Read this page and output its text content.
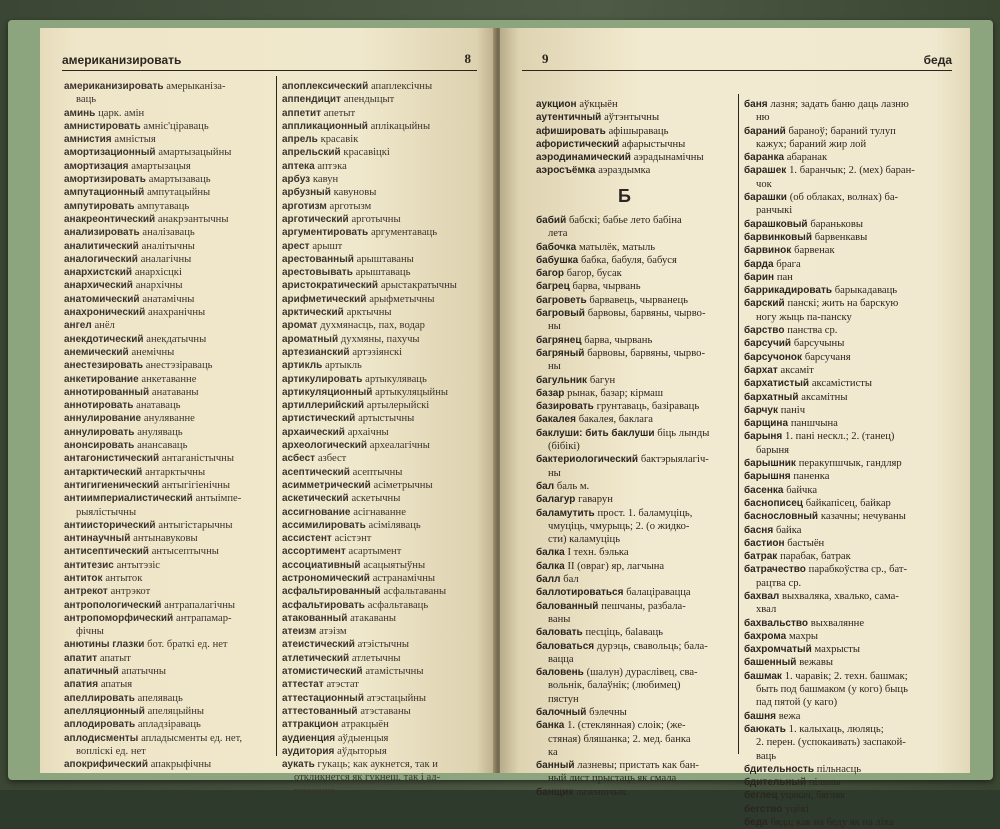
американизировать	8
американизировать амерыканіза-
ваць
аминь царк. амін
амнистировать амніс'ціраваць
амнистия амністыя
амортизационный амартызацыйны
амортизация амартызацыя
амортизировать амартызаваць
ампутационный ампутацыйны
ампутировать ампутаваць
анакреонтический анакрэантычны
анализировать аналізаваць
аналитический аналітычны
аналогический аналагічны
анархистский анархісцкі
анархический анархічны
анатомический анатамічны
анахронический анахранічны
ангел анёл
анекдотический анекдатычны
анемический анемічны
анестезировать анестэзіраваць
анкетирование анкетаванне
аннотированный анатаваны
аннотировать анатаваць
аннулирование ануляванне
аннулировать ануляваць
анонсировать анансаваць
антагонистический антаганістычны
антарктический антарктычны
антигигиенический антыгігіенічны
антиимпериалистический антыімпе-
рыялістычны
антиисторический антыгістарычны
антинаучный антынавуковы
антисептический антысептычны
антитезис антытэзіс
антиток антыток
антрекот антрэкот
антропологический антрапалагічны
антропоморфический антрапамар-
фічны
анютины глазки бот. браткі ед. нет
апатит апатыт
апатичный апатычны
апатия апатыя
апеллировать апеляваць
апелляционный апеляцыйны
аплодировать апладзіраваць
аплодисменты апладысменты ед. нет,
вопліскі ед. нет
апокрифический апакрыфічны
апоплексический апаплексічны
аппендицит апендыцыт
аппетит апетыт
аппликационный аплікацыйны
апрель красавік
апрельский красавіцкі
аптека аптэка
арбуз кавун
арбузный кавуновы
арготизм арготызм
арготический арготычны
аргументировать аргументаваць
арест арышт
арестованный арыштаваны
арестовывать арыштаваць
аристократический арыстакратычны
арифметический арыфметычны
арктический арктычны
аромат духмянасць, пах, водар
ароматный духмяны, пахучы
артезианский артэзіянскі
артикль артыкль
артикулировать артыкуляваць
артикуляционный артыкуляцыйны
артиллерийский артылерыйскі
артистический артыстычны
архаический архаічны
археологический археалагічны
асбест азбест
асептический асептычны
асимметрический асіметрычны
аскетический аскетычны
ассигнование асігнаванне
ассимилировать асіміляваць
ассистент асістэнт
ассортимент асартымент
ассоциативный асацыятыўны
астрономический астранамічны
асфальтированный асфальтаваны
асфальтировать асфальтаваць
атакованный атакаваны
атеизм атэізм
атеистический атэістычны
атлетический атлетычны
атомистический атамістычны
аттестат атэстат
аттестационный атэстацыйны
аттестованный атэставаны
аттракцион атракцыён
аудиенция аўдыенцыя
аудитория аўдыторыя
аукать гукаць; как аукнется, так и
откликнется як гукнеш, так і ад-
гукнецца
9	беда
аукцион аўкцыён
аутентичный аўтэнтычны
афишировать афішыраваць
афористический афарыстычны
аэродинамический аэрадынамічны
аэросъёмка аэраздымка
Б
бабий бабскі; бабье лето бабіна
лета
бабочка матылёк, матыль
бабушка бабка, бабуля, бабуся
багор багор, бусак
багрец барва, чырвань
багроветь барвавець, чырванець
багровый барвовы, барвяны, чырво-
ны
багрянец барва, чырвань
багряный барвовы, барвяны, чырво-
ны
багульник багун
базар рынак, базар; кірмаш
базировать грунтаваць, базіраваць
бакалея бакалея, баклага
баклуши: бить баклуши біць лынды
(бібікі)
бактериологический бактэрыялагіч-
ны
бал баль м.
балагур гаварун
баламутить прост. 1. баламуціць,
чмуціць, чмурыць; 2. (о жидко-
сти) каламуціць
балка I техн. бэлька
балка II (овраг) яр, лагчына
балл бал
баллотироваться балаціравацца
балованный пешчаны, разбала-
ваны
баловать песціць, бalaваць
баловаться дурэць, свавольць; бала-
вацца
баловень (шалун) дураслівец, сва-
вольнік, балаўнік; (любимец)
пястун
балочный бэлечны
банка 1. (стеклянная) слоік; (же-
стяная) бляшанка; 2. мед. банка
ка
банный лазневы; пристать как бан-
ный лист прыстаць як смала
банщик лазеншчык
баня лазня; задать баню даць лазню
ню
бараний бараноў; бараний тулуп
кажух; бараний жир лой
баранка абаранак
барашек 1. баранчык; 2. (мех) баран-
чок
барашки (об облаках, волнах) ба-
ранчыкі
барашковый бараньковы
барвинковый барвенкавы
барвинок барвенак
барда брага
барин пан
баррикадировать барыкадаваць
барский панскі; жить на барскую
ногу жыць па-панску
барство панства ср.
барсучий барсучыны
барсучонок барсучаня
бархат аксаміт
бархатистый аксамістисты
бархатный аксамітны
барчук паніч
барщина паншчына
барыня 1. пані нескл.; 2. (танец)
барыня
барышник перакупшчык, гандляр
барышня паненка
басенка байчка
баснописец байкапісец, байкар
баснословный казачны; нечуваны
басня байка
бастион бастыён
батрак парабак, батрак
батрачество парабкоўства ср., бат-
рацтва ср.
бахвал выхваляка, хвалько, сама-
хвал
бахвальство выхвалянне
бахрома махры
бахромчатый махрысты
башенный вежавы
башмак 1. чаравік; 2. техн. башмак;
быть под башмаком (у кого) быць
пад пятой (у каго)
башня вежа
баюкать 1. калыхаць, люляць;
2. перен. (успокаивать) заспакой-
ваць
бдительность пільнасць
бдительный пільны
беглец уцякач, бягляк
бегство уцёкі
беда бяда; как на беду як на ліха
